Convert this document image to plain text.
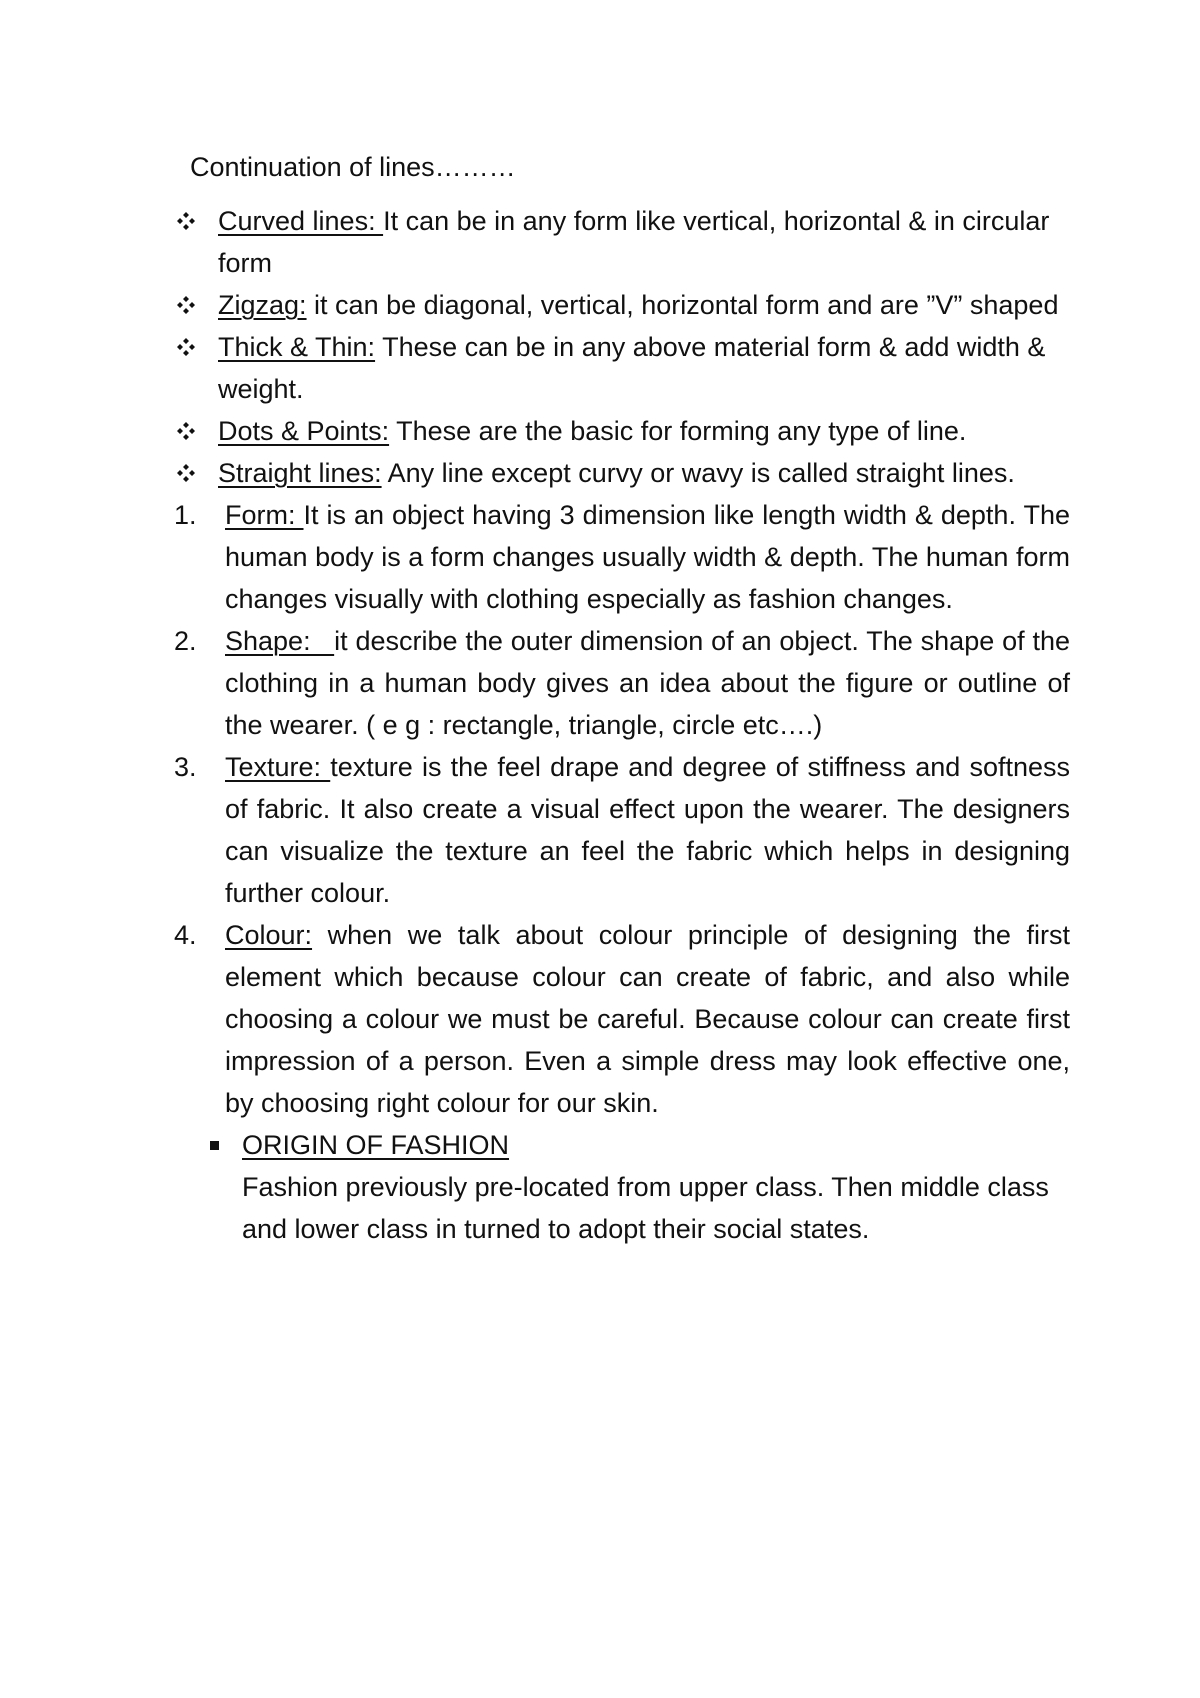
Continuation of lines………
Curved lines: It can be in any form like vertical, horizontal & in circular form
Zigzag: it can be diagonal, vertical, horizontal form and are ”V” shaped
Thick & Thin: These can be in any above material form & add width & weight.
Dots & Points: These are the basic for forming any type of line.
Straight lines: Any line except curvy or wavy is called straight lines.
1. Form: It is an object having 3 dimension like length width & depth. The human body is a form changes usually width & depth. The human form changes visually with clothing especially as fashion changes.
2. Shape:   it describe the outer dimension of an object. The shape of the clothing in a human body gives an idea about the figure or outline of the wearer. ( e g : rectangle, triangle, circle etc….)
3. Texture: texture is the feel drape and degree of stiffness and softness of fabric. It also create a visual effect upon the wearer. The designers can visualize the texture an feel the fabric which helps in designing further colour.
4. Colour: when we talk about colour principle of designing the first element which because colour can create of fabric, and also while choosing a colour we must be careful. Because colour can create first impression of a person. Even a simple dress may look effective one, by choosing right colour for our skin.
ORIGIN OF FASHION
Fashion previously pre-located from upper class. Then middle class and lower class in turned to adopt their social states.
